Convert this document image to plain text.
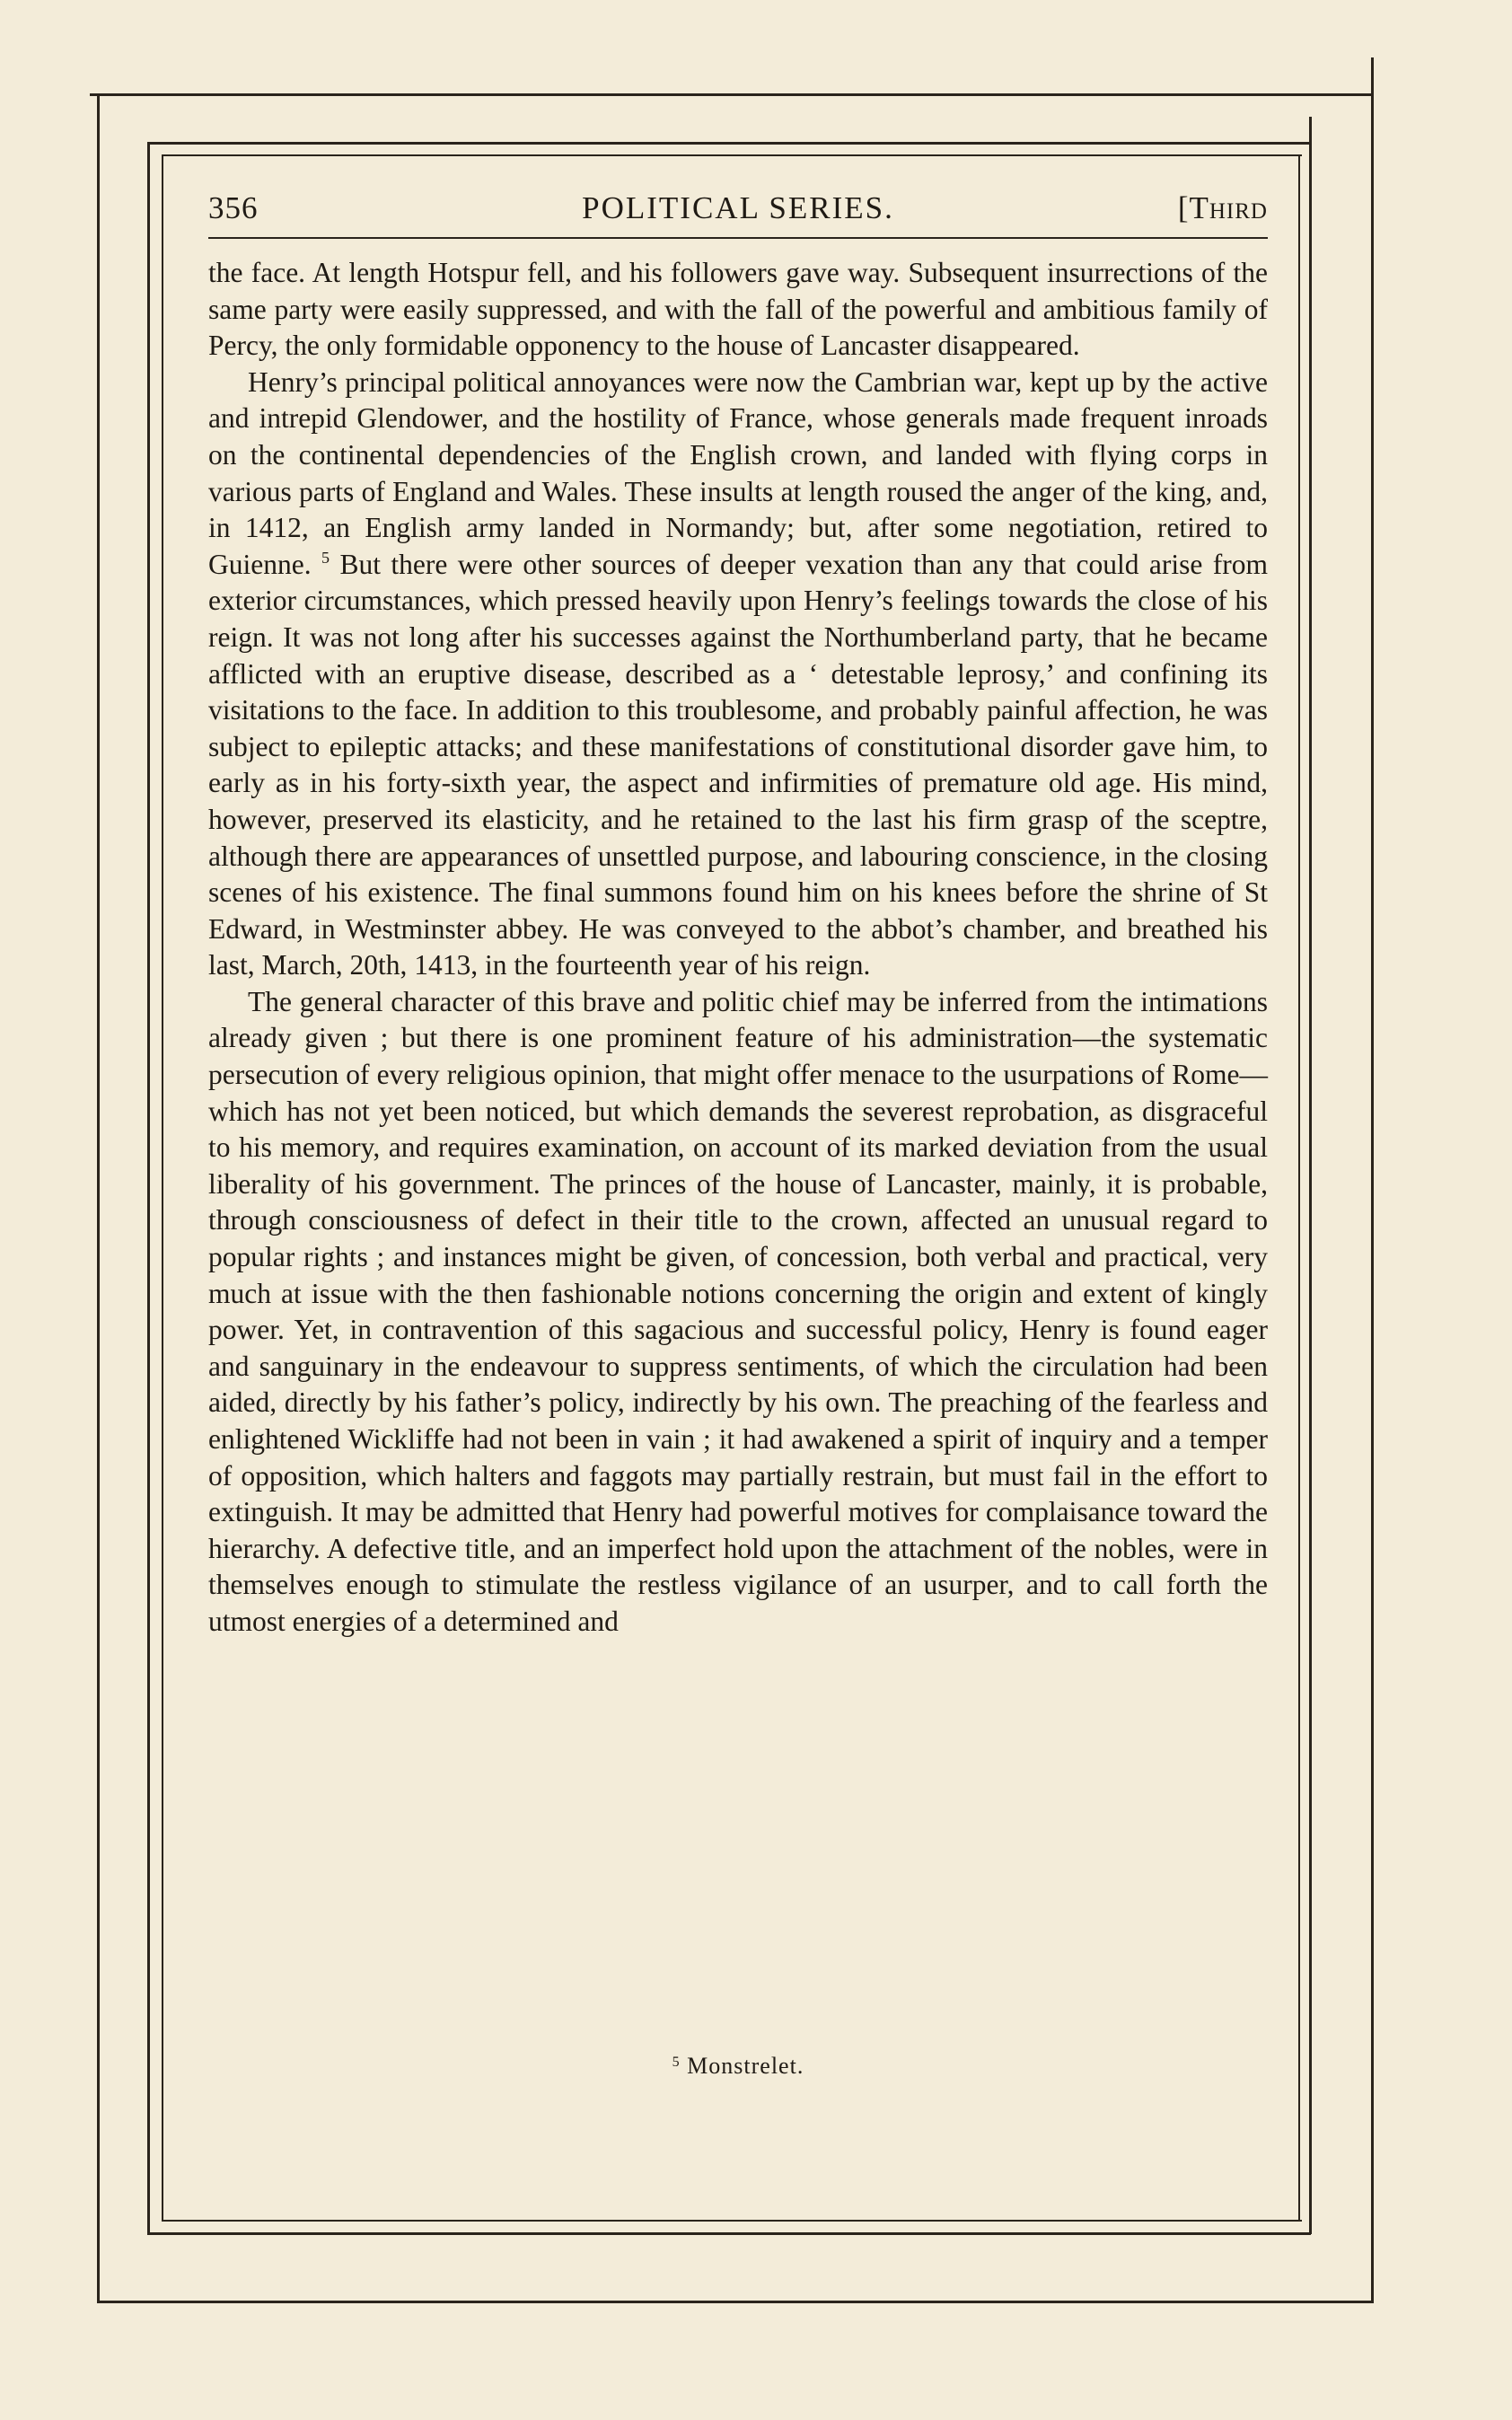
356	POLITICAL SERIES.	[Third

the face. At length Hotspur fell, and his followers gave way. Subsequent insurrections of the same party were easily suppressed, and with the fall of the powerful and ambitious family of Percy, the only formidable opponency to the house of Lancaster disappeared.

Henry’s principal political annoyances were now the Cambrian war, kept up by the active and intrepid Glendower, and the hostility of France, whose generals made frequent inroads on the continental dependencies of the English crown, and landed with flying corps in various parts of England and Wales. These insults at length roused the anger of the king, and, in 1412, an English army landed in Normandy; but, after some negotiation, retired to Guienne. $^5$ But there were other sources of deeper vexation than any that could arise from exterior circumstances, which pressed heavily upon Henry’s feelings towards the close of his reign. It was not long after his successes against the Northumberland party, that he became afflicted with an eruptive disease, described as a ‘ detestable leprosy,’ and confining its visitations to the face. In addition to this troublesome, and probably painful affection, he was subject to epileptic attacks; and these manifestations of constitutional disorder gave him, to early as in his forty-sixth year, the aspect and infirmities of premature old age. His mind, however, preserved its elasticity, and he retained to the last his firm grasp of the sceptre, although there are appearances of unsettled purpose, and labouring conscience, in the closing scenes of his existence. The final summons found him on his knees before the shrine of St Edward, in Westminster abbey. He was conveyed to the abbot’s chamber, and breathed his last, March, 20th, 1413, in the fourteenth year of his reign.

The general character of this brave and politic chief may be inferred from the intimations already given ; but there is one prominent feature of his administration—the systematic persecution of every religious opinion, that might offer menace to the usurpations of Rome—which has not yet been noticed, but which demands the severest reprobation, as disgraceful to his memory, and requires examination, on account of its marked deviation from the usual liberality of his government. The princes of the house of Lancaster, mainly, it is probable, through consciousness of defect in their title to the crown, affected an unusual regard to popular rights ; and instances might be given, of concession, both verbal and practical, very much at issue with the then fashionable notions concerning the origin and extent of kingly power. Yet, in contravention of this sagacious and successful policy, Henry is found eager and sanguinary in the endeavour to suppress sentiments, of which the circulation had been aided, directly by his father’s policy, indirectly by his own. The preaching of the fearless and enlightened Wickliffe had not been in vain ; it had awakened a spirit of inquiry and a temper of opposition, which halters and faggots may partially restrain, but must fail in the effort to extinguish. It may be admitted that Henry had powerful motives for complaisance toward the hierarchy. A defective title, and an imperfect hold upon the attachment of the nobles, were in themselves enough to stimulate the restless vigilance of an usurper, and to call forth the utmost energies of a determined and

$^5$ Monstrelet.
